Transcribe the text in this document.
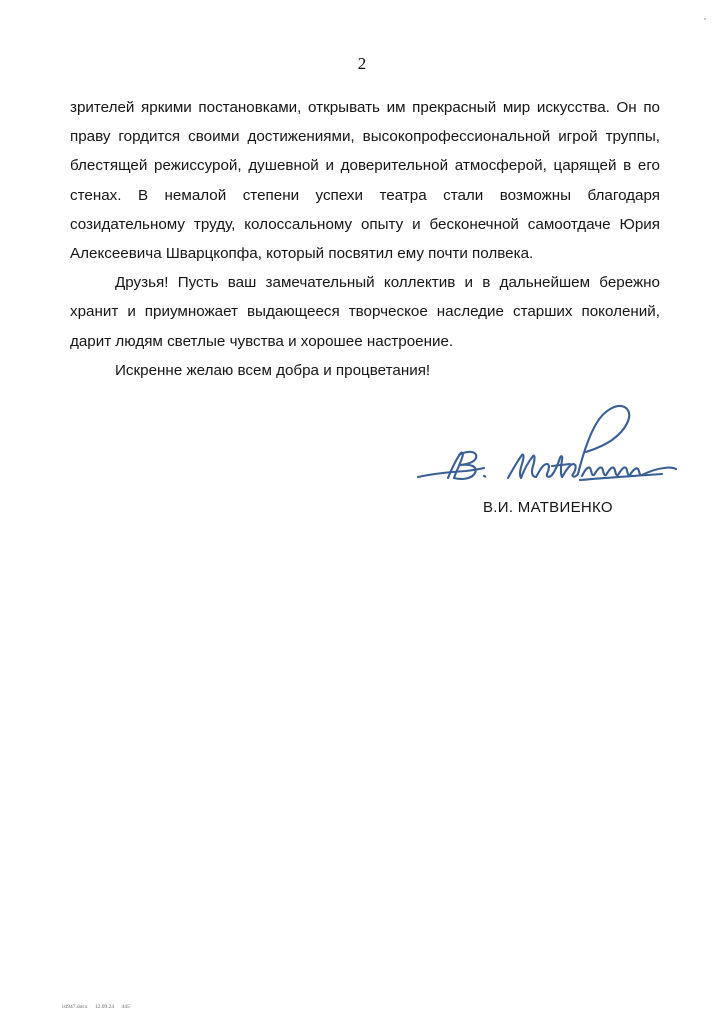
2

зрителей яркими постановками, открывать им прекрасный мир искусства. Он по праву гордится своими достижениями, высокопрофессиональной игрой труппы, блестящей режиссурой, душевной и доверительной атмосферой, царящей в его стенах. В немалой степени успехи театра стали возможны благодаря созидательному труду, колоссальному опыту и бесконечной самоотдаче Юрия Алексеевича Шварцкопфа, который посвятил ему почти полвека.

Друзья! Пусть ваш замечательный коллектив и в дальнейшем бережно хранит и приумножает выдающееся творческое наследие старших поколений, дарит людям светлые чувства и хорошее настроение.

Искренне желаю всем добра и процветания!

В.И. МАТВИЕНКО
ist947.docx 12.09.24 445
